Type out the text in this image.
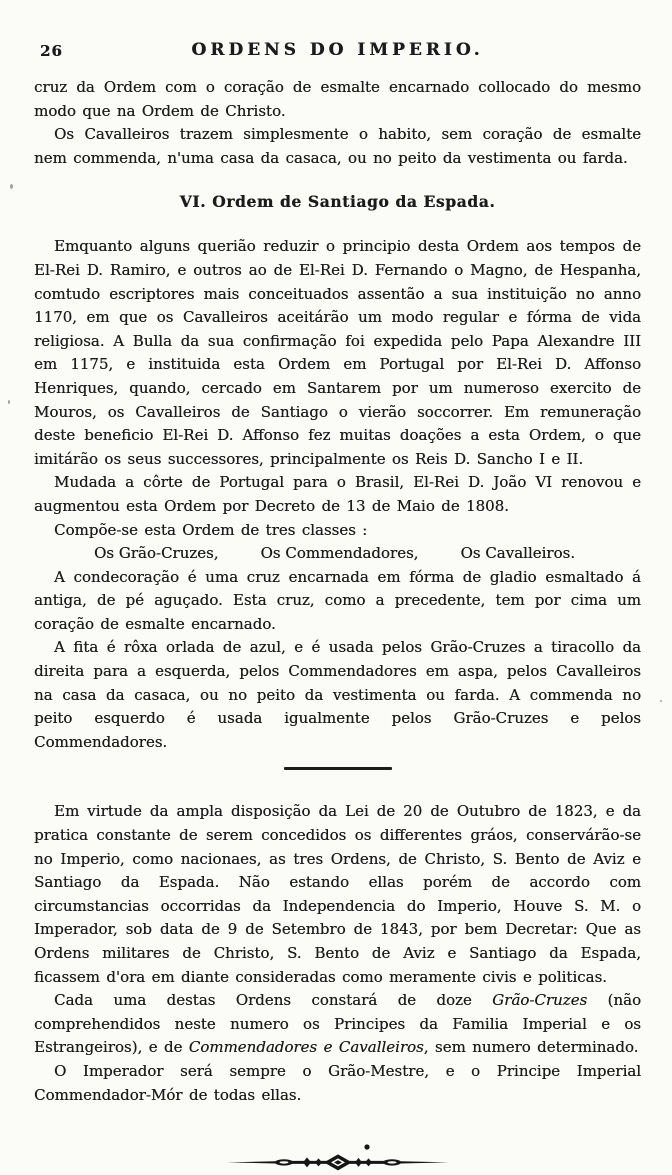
26	ORDENS DO IMPERIO.

cruz da Ordem com o coração de esmalte encarnado collocado do mesmo modo que na Ordem de Christo.

Os Cavalleiros trazem simplesmente o habito, sem coração de esmalte nem commenda, n'uma casa da casaca, ou no peito da vestimenta ou farda.

VI. Ordem de Santiago da Espada.

Emquanto alguns querião reduzir o principio desta Ordem aos tempos de El-Rei D. Ramiro, e outros ao de El-Rei D. Fernando o Magno, de Hespanha, comtudo escriptores mais conceituados assentão a sua instituição no anno 1170, em que os Cavalleiros aceitárão um modo regular e fórma de vida religiosa. A Bulla da sua confirmação foi expedida pelo Papa Alexandre III em 1175, e instituida esta Ordem em Portugal por El-Rei D. Affonso Henriques, quando, cercado em Santarem por um numeroso exercito de Mouros, os Cavalleiros de Santiago o vierão soccorrer. Em remuneração deste beneficio El-Rei D. Affonso fez muitas doações a esta Ordem, o que imitárão os seus successores, principalmente os Reis D. Sancho I e II.

Mudada a côrte de Portugal para o Brasil, El-Rei D. João VI renovou e augmentou esta Ordem por Decreto de 13 de Maio de 1808.

Compõe-se esta Ordem de tres classes :

Os Grão-Cruzes,	Os Commendadores,	Os Cavalleiros.

A condecoração é uma cruz encarnada em fórma de gladio esmaltado á antiga, de pé aguçado. Esta cruz, como a precedente, tem por cima um coração de esmalte encarnado.

A fita é rôxa orlada de azul, e é usada pelos Grão-Cruzes a tiracollo da direita para a esquerda, pelos Commendadores em aspa, pelos Cavalleiros na casa da casaca, ou no peito da vestimenta ou farda. A commenda no peito esquerdo é usada igualmente pelos Grão-Cruzes e pelos Commendadores.

Em virtude da ampla disposição da Lei de 20 de Outubro de 1823, e da pratica constante de serem concedidos os differentes gráos, conservárão-se no Imperio, como nacionaes, as tres Ordens, de Christo, S. Bento de Aviz e Santiago da Espada. Não estando ellas porém de accordo com circumstancias occorridas da Independencia do Imperio, Houve S. M. o Imperador, sob data de 9 de Setembro de 1843, por bem Decretar: Que as Ordens militares de Christo, S. Bento de Aviz e Santiago da Espada, ficassem d'ora em diante consideradas como meramente civis e politicas.

Cada uma destas Ordens constará de doze Grão-Cruzes (não comprehendidos neste numero os Principes da Familia Imperial e os Estrangeiros), e de Commendadores e Cavalleiros, sem numero determinado.

O Imperador será sempre o Grão-Mestre, e o Principe Imperial Commendador-Mór de todas ellas.
